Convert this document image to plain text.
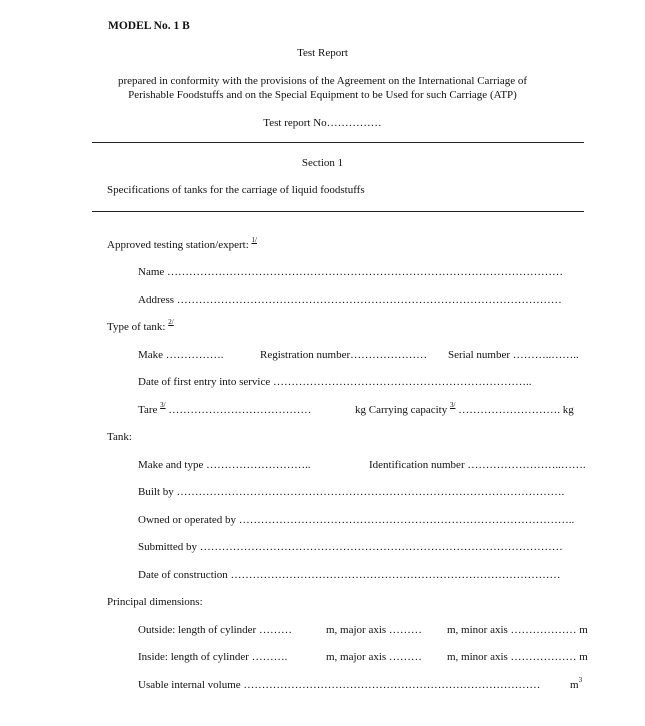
MODEL No. 1 B
Test Report
prepared in conformity with the provisions of the Agreement on the International Carriage of
Perishable Foodstuffs and on the Special Equipment to be Used for such Carriage (ATP)
Test report No……………
Section 1
Specifications of tanks for the carriage of liquid foodstuffs
Approved testing station/expert: $^{1/}$
Name ………………………………………………………………………………………………
Address ……………………………………………………………………………………………
Type of tank: $^{2/}$
Make …………….	Registration number………………… Serial number ………..……..
Date of first entry into service ……………………………………………………………..
Tare $^{3/}$ …………………………………	kg Carrying capacity $^{3/}$ ………………………. kg
Tank:
Make and type ………………………..	Identification number ……………………..…….
Built by …………………………………………………………………………………………….
Owned or operated by ………………………………………………………………………………..
Submitted by ………………………………………………………………………………………
Date of construction ………………………………………………………………………………
Principal dimensions:
Outside: length of cylinder ………	m, major axis ……… m, minor axis ……………… m
Inside: length of cylinder ……….	m, major axis ……… m, minor axis ……………… m
Usable internal volume ………………………………………………………………………	$m^3$
